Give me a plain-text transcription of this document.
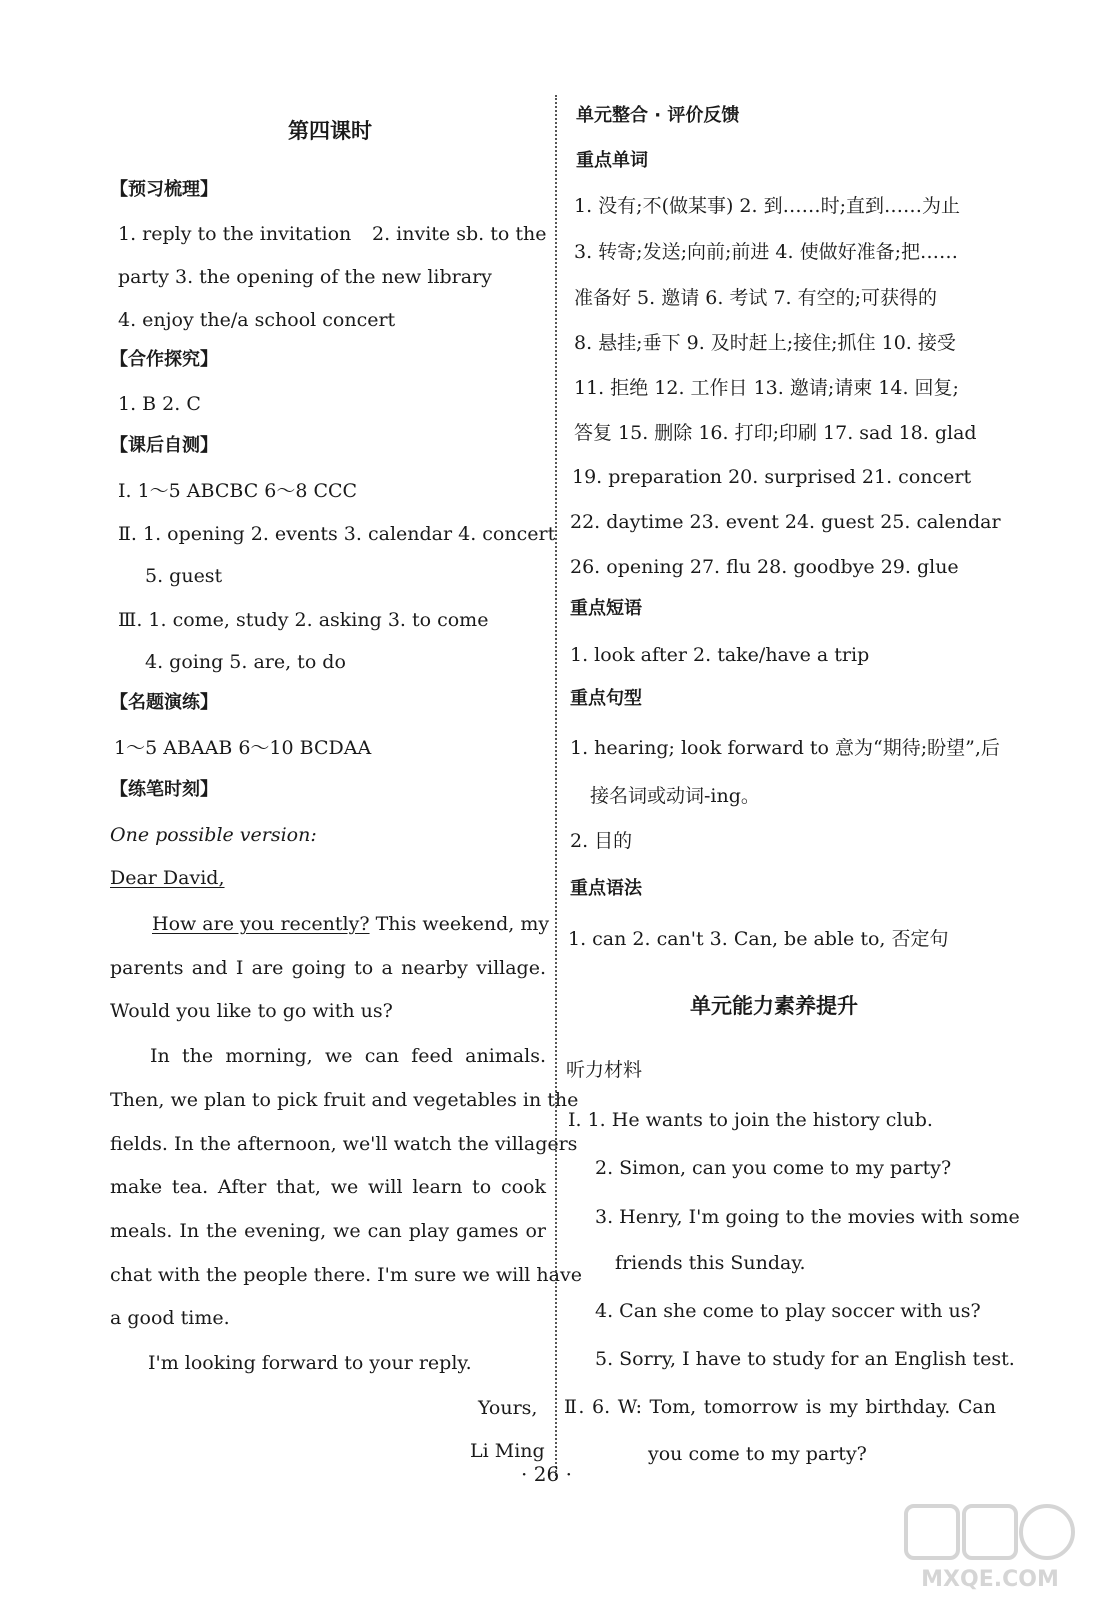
第四课时
【预习梳理】
1. reply to the invitation 2. invite sb. to the
party 3. the opening of the new library
4. enjoy the/a school concert
【合作探究】
1. B 2. C
【课后自测】
Ⅰ. 1～5 ABCBC 6～8 CCC
Ⅱ. 1. opening 2. events 3. calendar 4. concert
5. guest
Ⅲ. 1. come, study 2. asking 3. to come
4. going 5. are, to do
【名题演练】
1～5 ABAAB 6～10 BCDAA
【练笔时刻】
One possible version:
Dear David,
How are you recently? This weekend, my
parents and I are going to a nearby village.
Would you like to go with us?
In the morning, we can feed animals.
Then, we plan to pick fruit and vegetables in the
fields. In the afternoon, we'll watch the villagers
make tea. After that, we will learn to cook
meals. In the evening, we can play games or
chat with the people there. I'm sure we will have
a good time.
I'm looking forward to your reply.
Yours,
Li Ming
单元整合 · 评价反馈
重点单词
1. 没有;不(做某事) 2. 到……时;直到……为止
3. 转寄;发送;向前;前进 4. 使做好准备;把……
准备好 5. 邀请 6. 考试 7. 有空的;可获得的
8. 悬挂;垂下 9. 及时赶上;接住;抓住 10. 接受
11. 拒绝 12. 工作日 13. 邀请;请柬 14. 回复;
答复 15. 删除 16. 打印;印刷 17. sad 18. glad
19. preparation 20. surprised 21. concert
22. daytime 23. event 24. guest 25. calendar
26. opening 27. flu 28. goodbye 29. glue
重点短语
1. look after 2. take/have a trip
重点句型
1. hearing; look forward to 意为“期待;盼望”,后
接名词或动词-ing。
2. 目的
重点语法
1. can 2. can't 3. Can, be able to, 否定句
单元能力素养提升
听力材料
Ⅰ. 1. He wants to join the history club.
2. Simon, can you come to my party?
3. Henry, I'm going to the movies with some
friends this Sunday.
4. Can she come to play soccer with us?
5. Sorry, I have to study for an English test.
Ⅱ. 6. W: Tom, tomorrow is my birthday. Can
you come to my party?
· 26 ·
MXQE.COM
